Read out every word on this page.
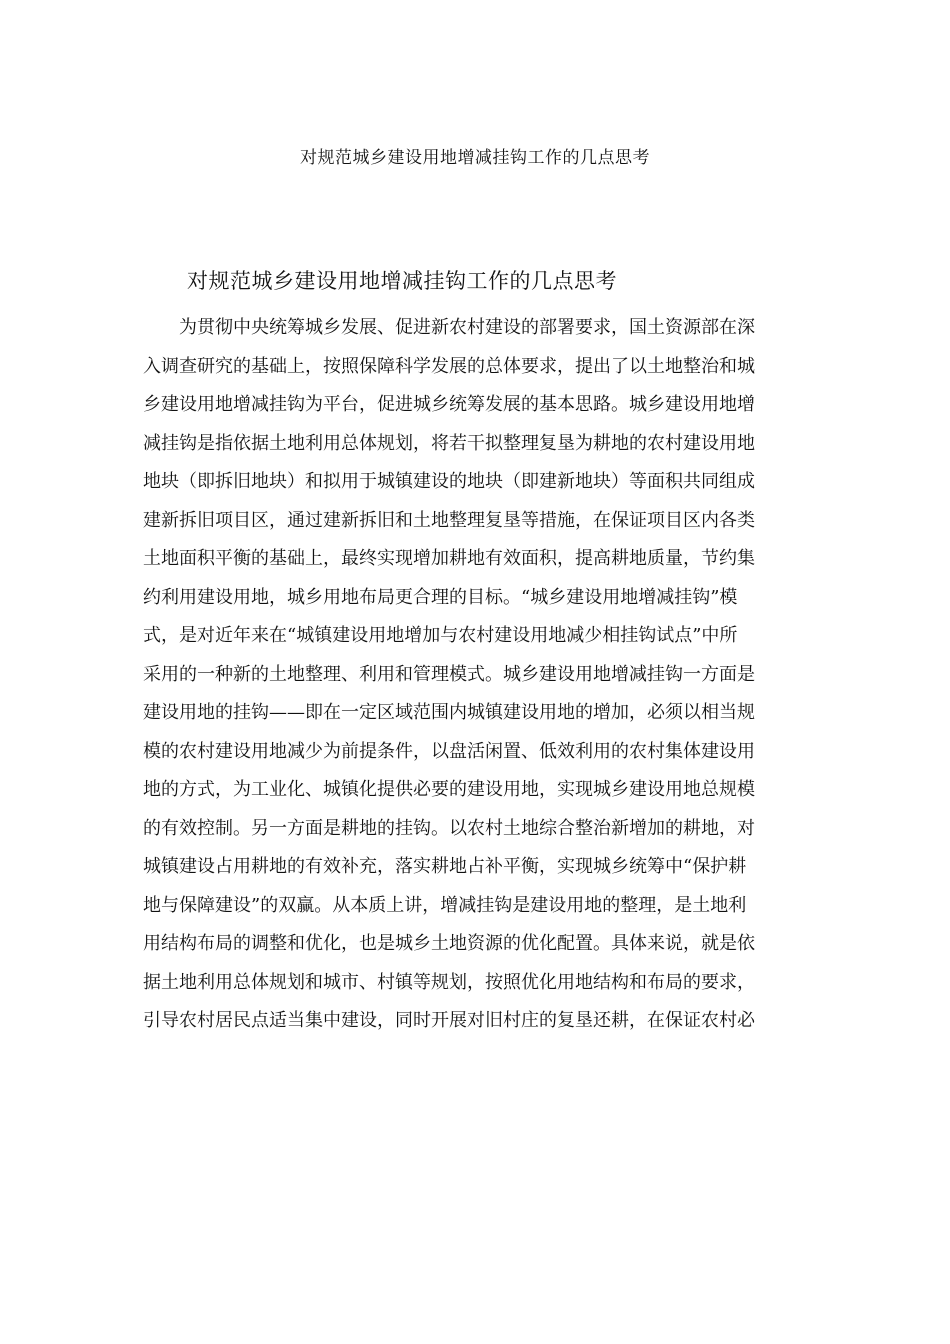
对规范城乡建设用地增减挂钩工作的几点思考
对规范城乡建设用地增减挂钩工作的几点思考
为贯彻中央统筹城乡发展、促进新农村建设的部署要求，国土资源部在深
入调查研究的基础上，按照保障科学发展的总体要求，提出了以土地整治和城
乡建设用地增减挂钩为平台，促进城乡统筹发展的基本思路。城乡建设用地增
减挂钩是指依据土地利用总体规划，将若干拟整理复垦为耕地的农村建设用地
地块（即拆旧地块）和拟用于城镇建设的地块（即建新地块）等面积共同组成
建新拆旧项目区，通过建新拆旧和土地整理复垦等措施，在保证项目区内各类
土地面积平衡的基础上，最终实现增加耕地有效面积，提高耕地质量，节约集
约利用建设用地，城乡用地布局更合理的目标。“城乡建设用地增减挂钩”模
式，是对近年来在“城镇建设用地增加与农村建设用地减少相挂钩试点”中所
采用的一种新的土地整理、利用和管理模式。城乡建设用地增减挂钩一方面是
建设用地的挂钩——即在一定区域范围内城镇建设用地的增加，必须以相当规
模的农村建设用地减少为前提条件，以盘活闲置、低效利用的农村集体建设用
地的方式，为工业化、城镇化提供必要的建设用地，实现城乡建设用地总规模
的有效控制。另一方面是耕地的挂钩。以农村土地综合整治新增加的耕地，对
城镇建设占用耕地的有效补充，落实耕地占补平衡，实现城乡统筹中“保护耕
地与保障建设”的双赢。从本质上讲，增减挂钩是建设用地的整理，是土地利
用结构布局的调整和优化，也是城乡土地资源的优化配置。具体来说，就是依
据土地利用总体规划和城市、村镇等规划，按照优化用地结构和布局的要求，
引导农村居民点适当集中建设，同时开展对旧村庄的复垦还耕，在保证农村必
